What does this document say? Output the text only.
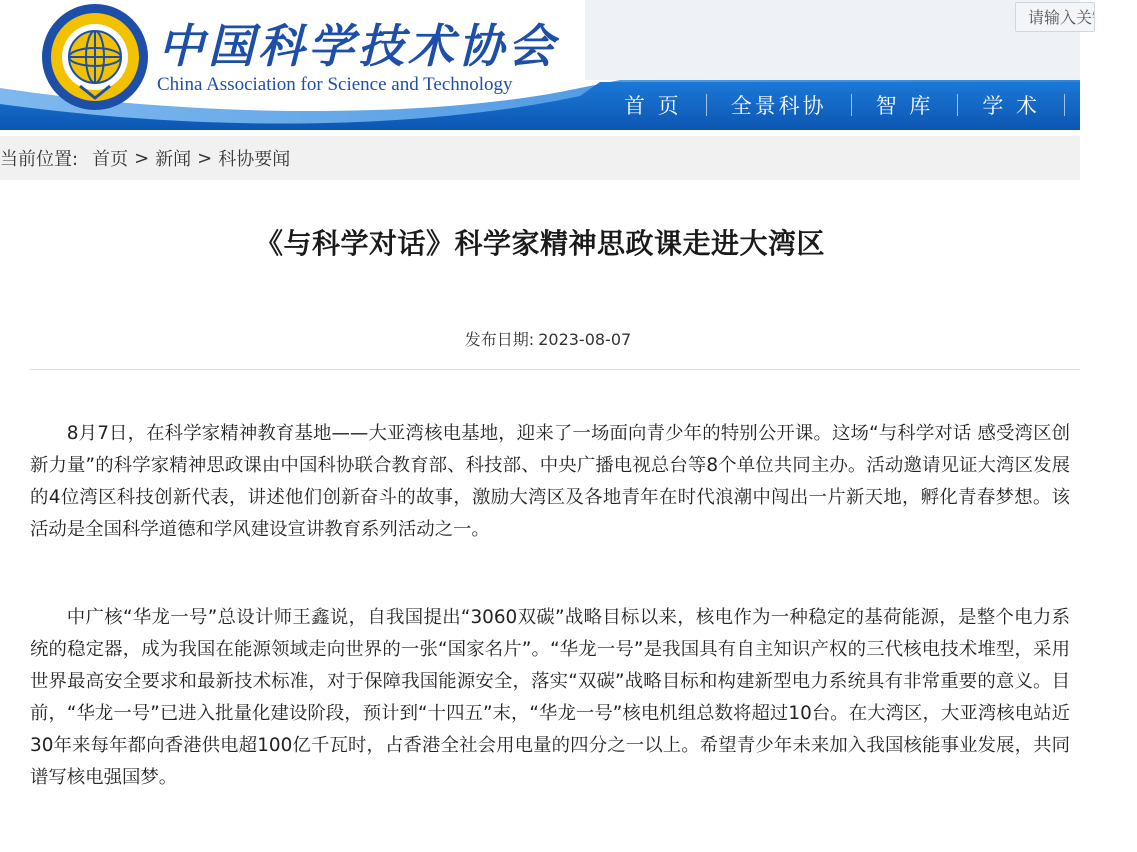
中国科学技术协会
China Association for Science and Technology
请输入关键词
首 页	全景科协	智 库	学 术	科
当前位置: 首页 > 新闻 > 科协要闻
《与科学对话》科学家精神思政课走进大湾区
发布日期: 2023-08-07

8月7日，在科学家精神教育基地——大亚湾核电基地，迎来了一场面向青少年的特别公开课。这场“与科学对话 感受湾区创新力量”的科学家精神思政课由中国科协联合教育部、科技部、中央广播电视总台等8个单位共同主办。活动邀请见证大湾区发展的4位湾区科技创新代表，讲述他们创新奋斗的故事，激励大湾区及各地青年在时代浪潮中闯出一片新天地，孵化青春梦想。该活动是全国科学道德和学风建设宣讲教育系列活动之一。

中广核“华龙一号”总设计师王鑫说，自我国提出“3060双碳”战略目标以来，核电作为一种稳定的基荷能源，是整个电力系统的稳定器，成为我国在能源领域走向世界的一张“国家名片”。“华龙一号”是我国具有自主知识产权的三代核电技术堆型，采用世界最高安全要求和最新技术标准，对于保障我国能源安全，落实“双碳”战略目标和构建新型电力系统具有非常重要的意义。目前，“华龙一号”已进入批量化建设阶段，预计到“十四五”末，“华龙一号”核电机组总数将超过10台。在大湾区，大亚湾核电站近30年来每年都向香港供电超100亿千瓦时，占香港全社会用电量的四分之一以上。希望青少年未来加入我国核能事业发展，共同谱写核电强国梦。
